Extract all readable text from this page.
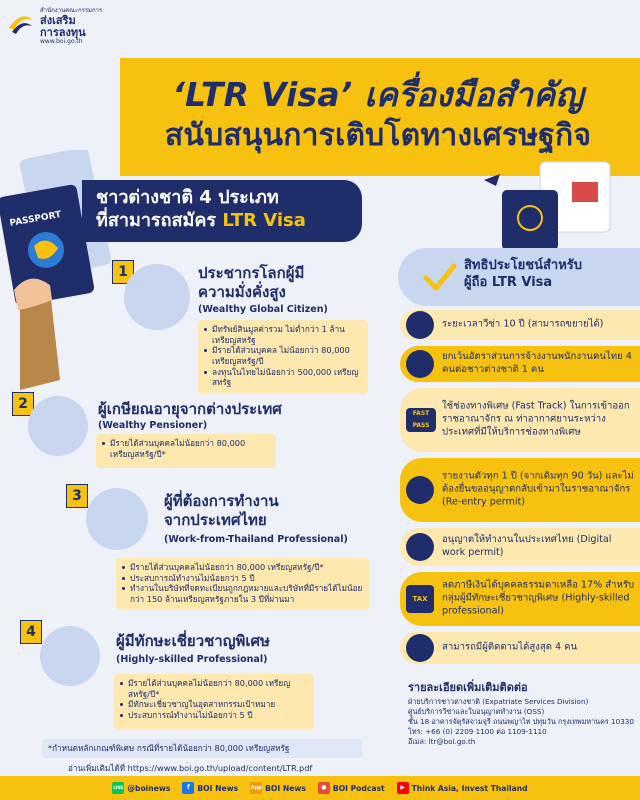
สำนักงานคณะกรรมการ
ส่งเสริม
การลงทุน
www.boi.go.th
‘LTR Visa’ เครื่องมือสำคัญ
สนับสนุนการเติบโตทางเศรษฐกิจ
PASSPORT
ชาวต่างชาติ 4 ประเภท
ที่สามารถสมัคร LTR Visa
1	ประชากรโลกผู้มี
ความมั่งคั่งสูง
(Wealthy Global Citizen)
มีทรัพย์สินมูลค่ารวม ไม่ต่ำกว่า 1 ล้านเหรียญสหรัฐ
มีรายได้ส่วนบุคคล ไม่น้อยกว่า 80,000 เหรียญสหรัฐ/ปี
ลงทุนในไทยไม่น้อยกว่า 500,000 เหรียญสหรัฐ
2	ผู้เกษียณอายุจากต่างประเทศ
(Wealthy Pensioner)
มีรายได้ส่วนบุคคลไม่น้อยกว่า 80,000 เหรียญสหรัฐ/ปี*
3	ผู้ที่ต้องการทำงาน
จากประเทศไทย
(Work-from-Thailand Professional)
มีรายได้ส่วนบุคคลไม่น้อยกว่า 80,000 เหรียญสหรัฐ/ปี*
ประสบการณ์ทำงานไม่น้อยกว่า 5 ปี
ทำงานในบริษัทที่จดทะเบียนถูกกฎหมายและบริษัทที่มีรายได้ไม่น้อยกว่า 150 ล้านเหรียญสหรัฐภายใน 3 ปีที่ผ่านมา
4	ผู้มีทักษะเชี่ยวชาญพิเศษ
(Highly-skilled Professional)
มีรายได้ส่วนบุคคลไม่น้อยกว่า 80,000 เหรียญสหรัฐ/ปี*
มีทักษะเชี่ยวชาญในอุตสาหกรรมเป้าหมาย
ประสบการณ์ทำงานไม่น้อยกว่า 5 ปี
*กำหนดหลักเกณฑ์พิเศษ กรณีที่รายได้น้อยกว่า 80,000 เหรียญสหรัฐ
อ่านเพิ่มเติมได้ที่ https://www.boi.go.th/upload/content/LTR.pdf
สิทธิประโยชน์สำหรับ
ผู้ถือ LTR Visa
ระยะเวลาวีซ่า 10 ปี (สามารถขยายได้)
ยกเว้นอัตราส่วนการจ้างงานพนักงานคนไทย 4 คนต่อชาวต่างชาติ 1 คน
FAST PASS
ใช้ช่องทางพิเศษ (Fast Track) ในการเข้าออกราชอาณาจักร ณ ท่าอากาศยานระหว่างประเทศที่มีให้บริการช่องทางพิเศษ
รายงานตัวทุก 1 ปี (จากเดิมทุก 90 วัน) และไม่ต้องยื่นขออนุญาตกลับเข้ามาในราชอาณาจักร (Re-entry permit)
อนุญาตให้ทำงานในประเทศไทย (Digital work permit)
TAX
ลดภาษีเงินได้บุคคลธรรมดาเหลือ 17% สำหรับกลุ่มผู้มีทักษะเชี่ยวชาญพิเศษ (Highly-skilled professional)
สามารถมีผู้ติดตามได้สูงสุด 4 คน
รายละเอียดเพิ่มเติมติดต่อ
ฝ่ายบริการชาวต่างชาติ (Expatriate Services Division)
ศูนย์บริการวีซ่าและใบอนุญาตทำงาน (OSS)
ชั้น 18 อาคารจัตุรัสจามจุรี ถนนพญาไท ปทุมวัน กรุงเทพมหานคร 10330
โทร: +66 (0) 2209 1100 ต่อ 1109-1110
อีเมล: ltr@boi.go.th
LINE @boinews	f	BOI News App BOI News	● BOI Podcast	▶ Think Asia, Invest Thailand
